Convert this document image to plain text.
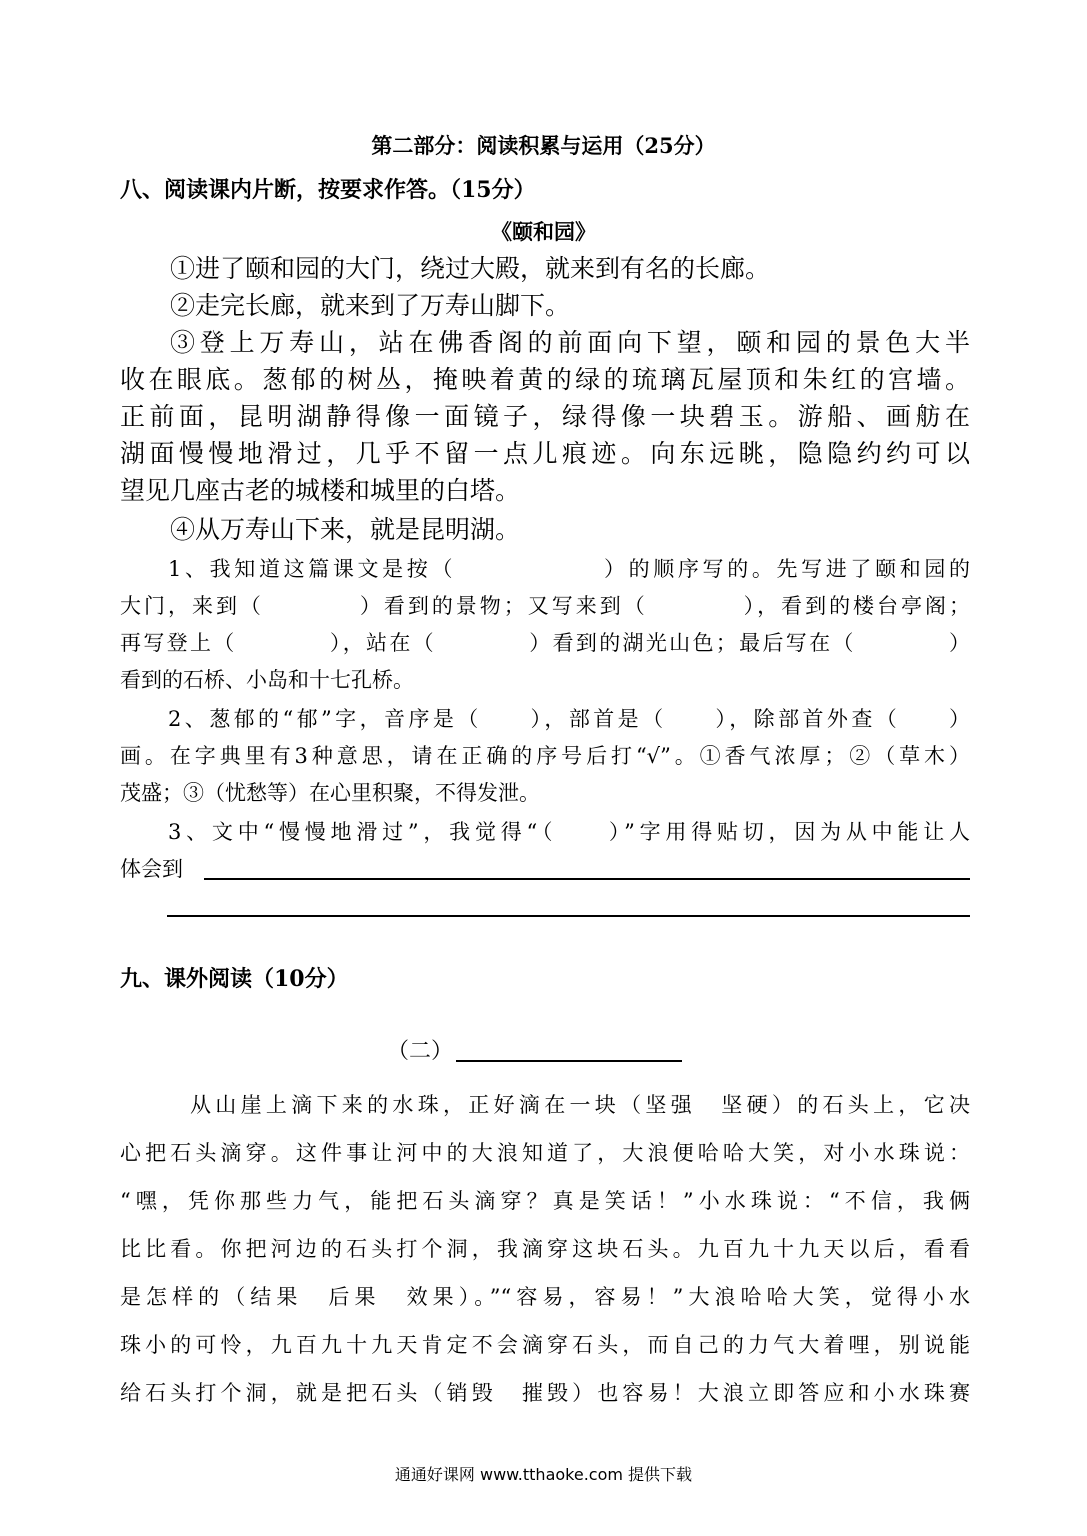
第二部分：阅读积累与运用（25分）
八、阅读课内片断，按要求作答。（15分）
《颐和园》
①进了颐和园的大门，绕过大殿，就来到有名的长廊。
②走完长廊，就来到了万寿山脚下。
③登上万寿山，站在佛香阁的前面向下望，颐和园的景色大半
收在眼底。葱郁的树丛，掩映着黄的绿的琉璃瓦屋顶和朱红的宫墙。
正前面，昆明湖静得像一面镜子，绿得像一块碧玉。游船、画舫在
湖面慢慢地滑过，几乎不留一点儿痕迹。向东远眺，隐隐约约可以
望见几座古老的城楼和城里的白塔。
④从万寿山下来，就是昆明湖。
1、我知道这篇课文是按（　　　　　　）的顺序写的。先写进了颐和园的
大门，来到（　　　　）看到的景物；又写来到（　　　　），看到的楼台亭阁；
再写登上（　　　　），站在（　　　　）看到的湖光山色；最后写在（　　　　）
看到的石桥、小岛和十七孔桥。
2、葱郁的“郁”字，音序是（　　），部首是（　　），除部首外查（　　）
画。在字典里有3种意思，请在正确的序号后打“√”。①香气浓厚；②（草木）
茂盛；③（忧愁等）在心里积聚，不得发泄。
3、文中“慢慢地滑过”，我觉得“（　　）”字用得贴切，因为从中能让人
体会到
九、课外阅读（10分）
（二）
从山崖上滴下来的水珠，正好滴在一块（坚强　坚硬）的石头上，它决
心把石头滴穿。这件事让河中的大浪知道了，大浪便哈哈大笑，对小水珠说：
“嘿，凭你那些力气，能把石头滴穿？真是笑话！”小水珠说：“不信，我俩
比比看。你把河边的石头打个洞，我滴穿这块石头。九百九十九天以后，看看
是怎样的（结果　后果　效果）。”“容易，容易！”大浪哈哈大笑，觉得小水
珠小的可怜，九百九十九天肯定不会滴穿石头，而自己的力气大着哩，别说能
给石头打个洞，就是把石头（销毁　摧毁）也容易！大浪立即答应和小水珠赛
通通好课网 www.tthaoke.com 提供下载
